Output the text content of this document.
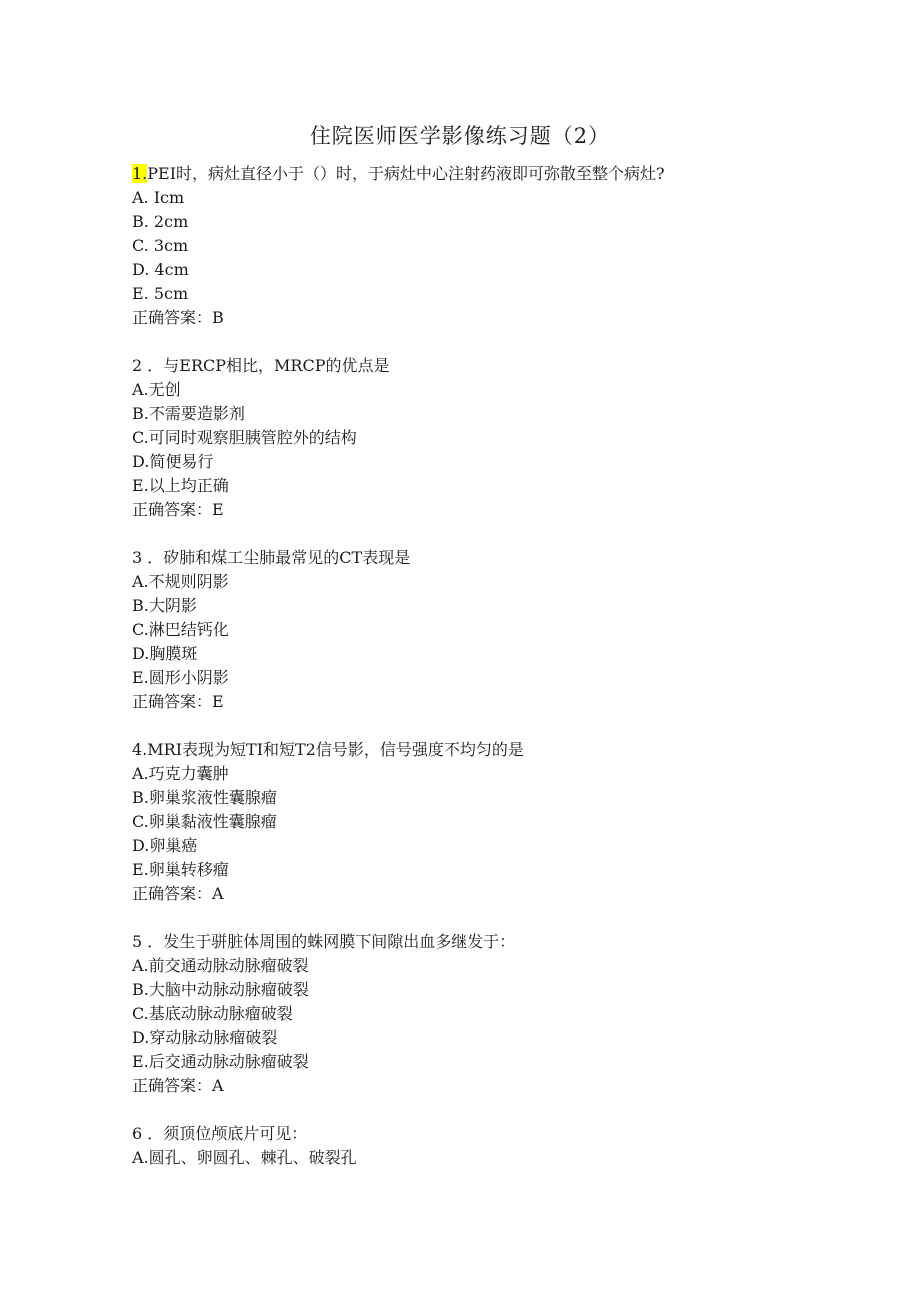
住院医师医学影像练习题（2）
1.PEI时，病灶直径小于（）时，于病灶中心注射药液即可弥散至整个病灶?
A. Icm
B. 2cm
C. 3cm
D. 4cm
E. 5cm
正确答案：B
2 ．与ERCP相比，MRCP的优点是
A.无创
B.不需要造影剂
C.可同时观察胆胰管腔外的结构
D.简便易行
E.以上均正确
正确答案：E
3 ．矽肺和煤工尘肺最常见的CT表现是
A.不规则阴影
B.大阴影
C.淋巴结钙化
D.胸膜斑
E.圆形小阴影
正确答案：E
4.MRI表现为短TI和短T2信号影，信号强度不均匀的是
A.巧克力囊肿
B.卵巢浆液性囊腺瘤
C.卵巢黏液性囊腺瘤
D.卵巢癌
E.卵巢转移瘤
正确答案：A
5 ．发生于骈脏体周围的蛛网膜下间隙出血多继发于：
A.前交通动脉动脉瘤破裂
B.大脑中动脉动脉瘤破裂
C.基底动脉动脉瘤破裂
D.穿动脉动脉瘤破裂
E.后交通动脉动脉瘤破裂
正确答案：A
6 ．须顶位颅底片可见：
A.圆孔、卵圆孔、棘孔、破裂孔
